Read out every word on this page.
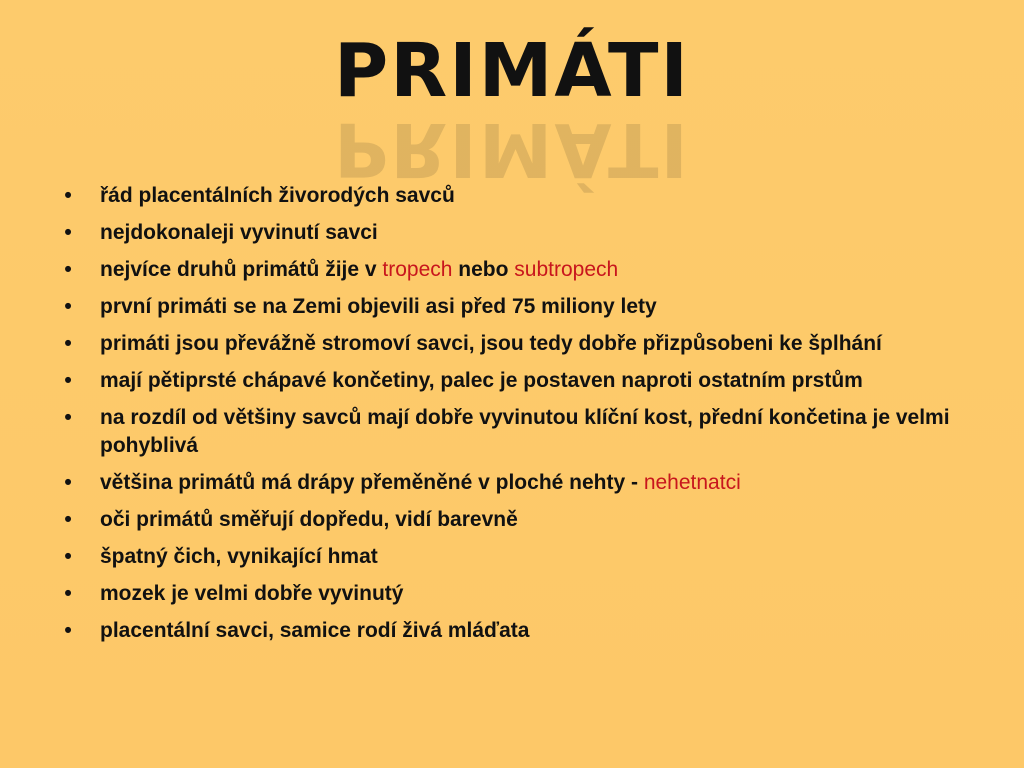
PRIMÁTI
PRIMÁTI
•	řád placentálních živorodých savců
•	nejdokonaleji vyvinutí savci
•	nejvíce druhů primátů žije v tropech nebo subtropech
•	první primáti se na Zemi objevili asi před 75 miliony lety
•	primáti jsou převážně stromoví savci, jsou tedy dobře přizpůsobeni ke šplhání
•	mají pětiprsté chápavé končetiny, palec je postaven naproti ostatním prstům
•	na rozdíl od většiny savců mají dobře vyvinutou klíční kost, přední končetina je velmi pohyblivá
•	většina primátů má drápy přeměněné v ploché nehty - nehetnatci
•	oči primátů směřují dopředu, vidí barevně
•	špatný čich, vynikající hmat
•	mozek je velmi dobře vyvinutý
•	placentální savci, samice rodí živá mláďata
